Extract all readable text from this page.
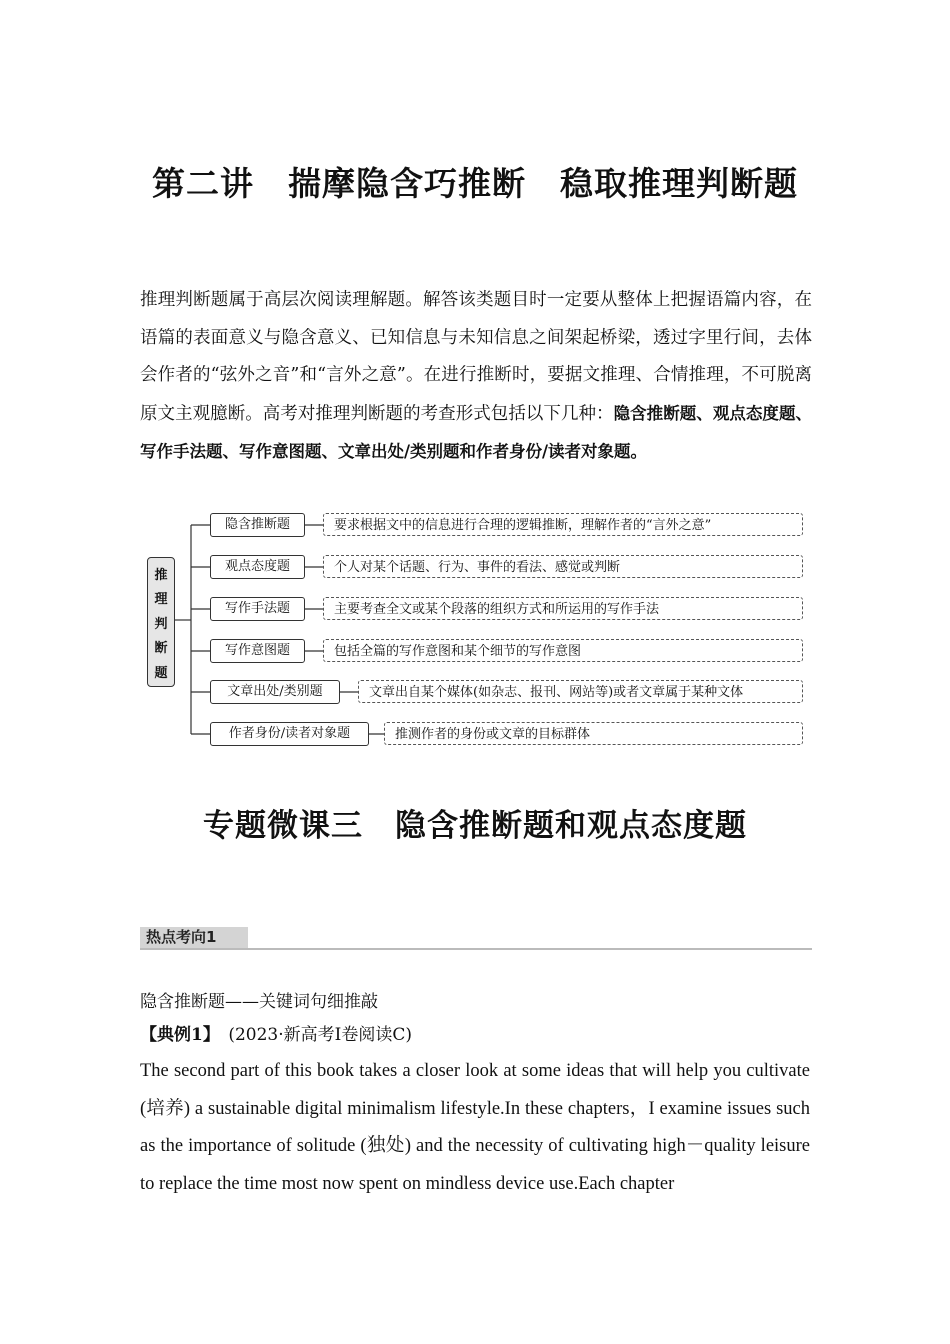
第二讲　揣摩隐含巧推断　稳取推理判断题
推理判断题属于高层次阅读理解题。解答该类题目时一定要从整体上把握语篇内容，在语篇的表面意义与隐含意义、已知信息与未知信息之间架起桥梁，透过字里行间，去体会作者的“弦外之音”和“言外之意”。在进行推断时，要据文推理、合情推理，不可脱离原文主观臆断。高考对推理判断题的考查形式包括以下几种：隐含推断题、观点态度题、写作手法题、写作意图题、文章出处/类别题和作者身份/读者对象题。
推
理
判
断
题
隐含推断题	要求根据文中的信息进行合理的逻辑推断，理解作者的“言外之意”
观点态度题	个人对某个话题、行为、事件的看法、感觉或判断
写作手法题	主要考查全文或某个段落的组织方式和所运用的写作手法
写作意图题	包括全篇的写作意图和某个细节的写作意图
文章出处/类别题	文章出自某个媒体(如杂志、报刊、网站等)或者文章属于某种文体
作者身份/读者对象题	推测作者的身份或文章的目标群体
专题微课三　隐含推断题和观点态度题
热点考向1
隐含推断题——关键词句细推敲
【典例1】　(2023·新高考Ⅰ卷阅读C)
The second part of this book takes a closer look at some ideas that will help you cultivate (培养) a sustainable digital minimalism lifestyle.In these chapters，I examine issues such as the importance of solitude (独处) and the necessity of cultivating high－quality leisure to replace the time most now spent on mindless device use.Each chapter
